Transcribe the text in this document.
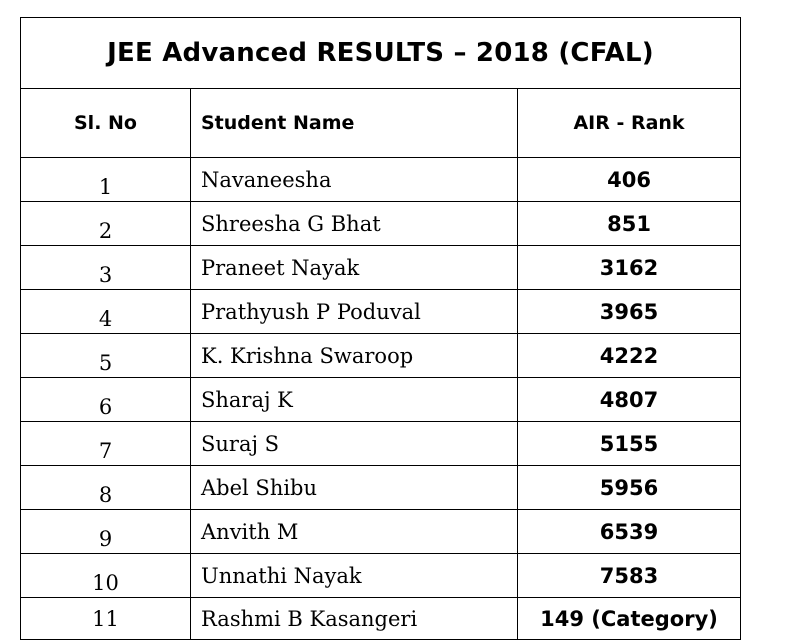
JEE Advanced RESULTS – 2018 (CFAL)		
Sl. No	Student Name	AIR - Rank
1	Navaneesha	406
2	Shreesha G Bhat	851
3	Praneet Nayak	3162
4	Prathyush P Poduval	3965
5	K. Krishna Swaroop	4222
6	Sharaj K	4807
7	Suraj S	5155
8	Abel Shibu	5956
9	Anvith M	6539
10	Unnathi Nayak	7583
11	Rashmi B Kasangeri	149 (Category)
